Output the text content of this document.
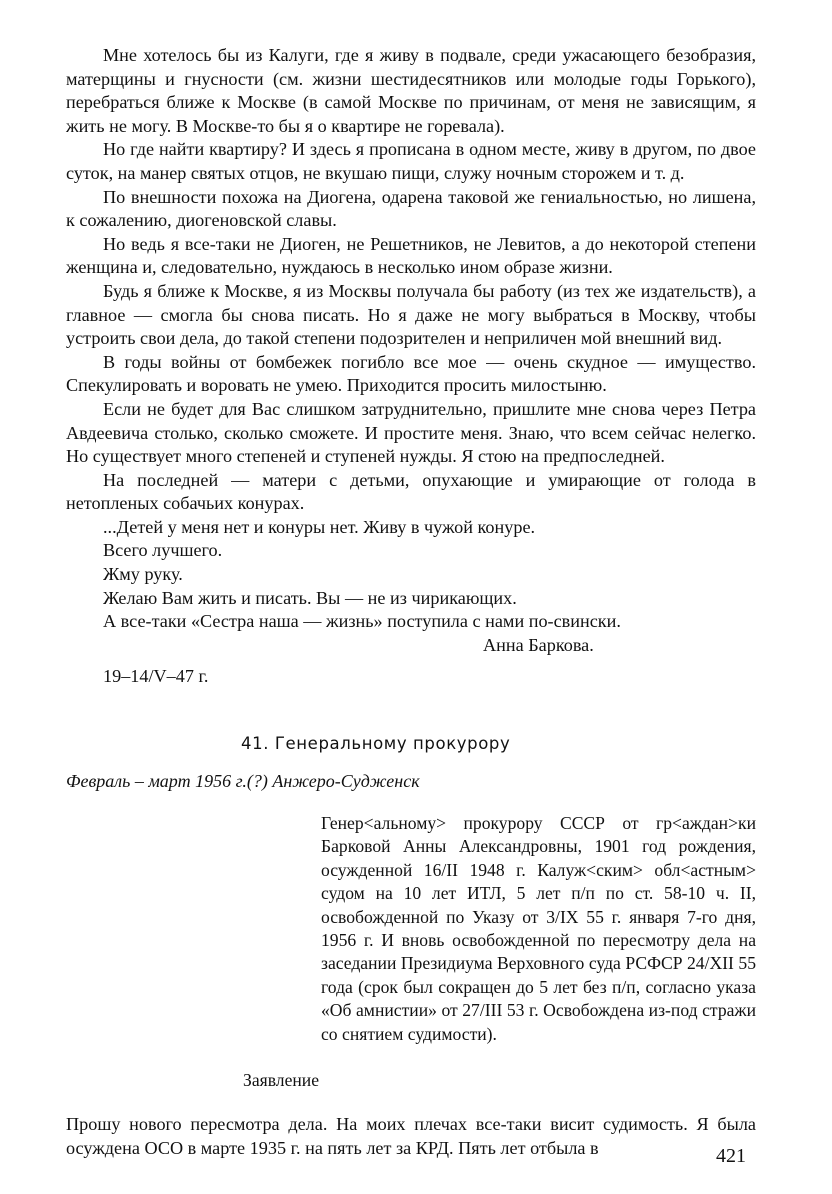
Мне хотелось бы из Калуги, где я живу в подвале, среди ужасающего безобразия, матерщины и гнусности (см. жизни шестидесятников или молодые годы Горького), перебраться ближе к Москве (в самой Москве по причинам, от меня не зависящим, я жить не могу. В Москве-то бы я о квартире не горевала).

Но где найти квартиру? И здесь я прописана в одном месте, живу в другом, по двое суток, на манер святых отцов, не вкушаю пищи, служу ночным сторожем и т. д.

По внешности похожа на Диогена, одарена таковой же гениальностью, но лишена, к сожалению, диогеновской славы.

Но ведь я все-таки не Диоген, не Решетников, не Левитов, а до некоторой степени женщина и, следовательно, нуждаюсь в несколько ином образе жизни.

Будь я ближе к Москве, я из Москвы получала бы работу (из тех же издательств), а главное — смогла бы снова писать. Но я даже не могу выбраться в Москву, чтобы устроить свои дела, до такой степени подозрителен и неприличен мой внешний вид.

В годы войны от бомбежек погибло все мое — очень скудное — имущество. Спекулировать и воровать не умею. Приходится просить милостыню.

Если не будет для Вас слишком затруднительно, пришлите мне снова через Петра Авдеевича столько, сколько сможете. И простите меня. Знаю, что всем сейчас нелегко. Но существует много степеней и ступеней нужды. Я стою на предпоследней.

На последней — матери с детьми, опухающие и умирающие от голода в нетопленых собачьих конурах.

...Детей у меня нет и конуры нет. Живу в чужой конуре.
Всего лучшего.
Жму руку.
Желаю Вам жить и писать. Вы — не из чирикающих.
А все-таки «Сестра наша — жизнь» поступила с нами по-свински.
Анна Баркова.
19–14/V–47 г.
41. Генеральному прокурору
Февраль – март 1956 г.(?) Анжеро-Судженск
Генер<альному> прокурору СССР от гр<аждан>ки Барковой Анны Александровны, 1901 год рождения, осужденной 16/II 1948 г. Калуж<ским> обл<астным> судом на 10 лет ИТЛ, 5 лет п/п по ст. 58-10 ч. II, освобожденной по Указу от 3/IX 55 г. января 7-го дня, 1956 г. И вновь освобожденной по пересмотру дела на заседании Президиума Верховного суда РСФСР 24/XII 55 года (срок был сокращен до 5 лет без п/п, согласно указа «Об амнистии» от 27/III 53 г. Освобождена из-под стражи со снятием судимости).
Заявление

Прошу нового пересмотра дела. На моих плечах все-таки висит судимость. Я была осуждена ОСО в марте 1935 г. на пять лет за КРД. Пять лет отбыла в	421
